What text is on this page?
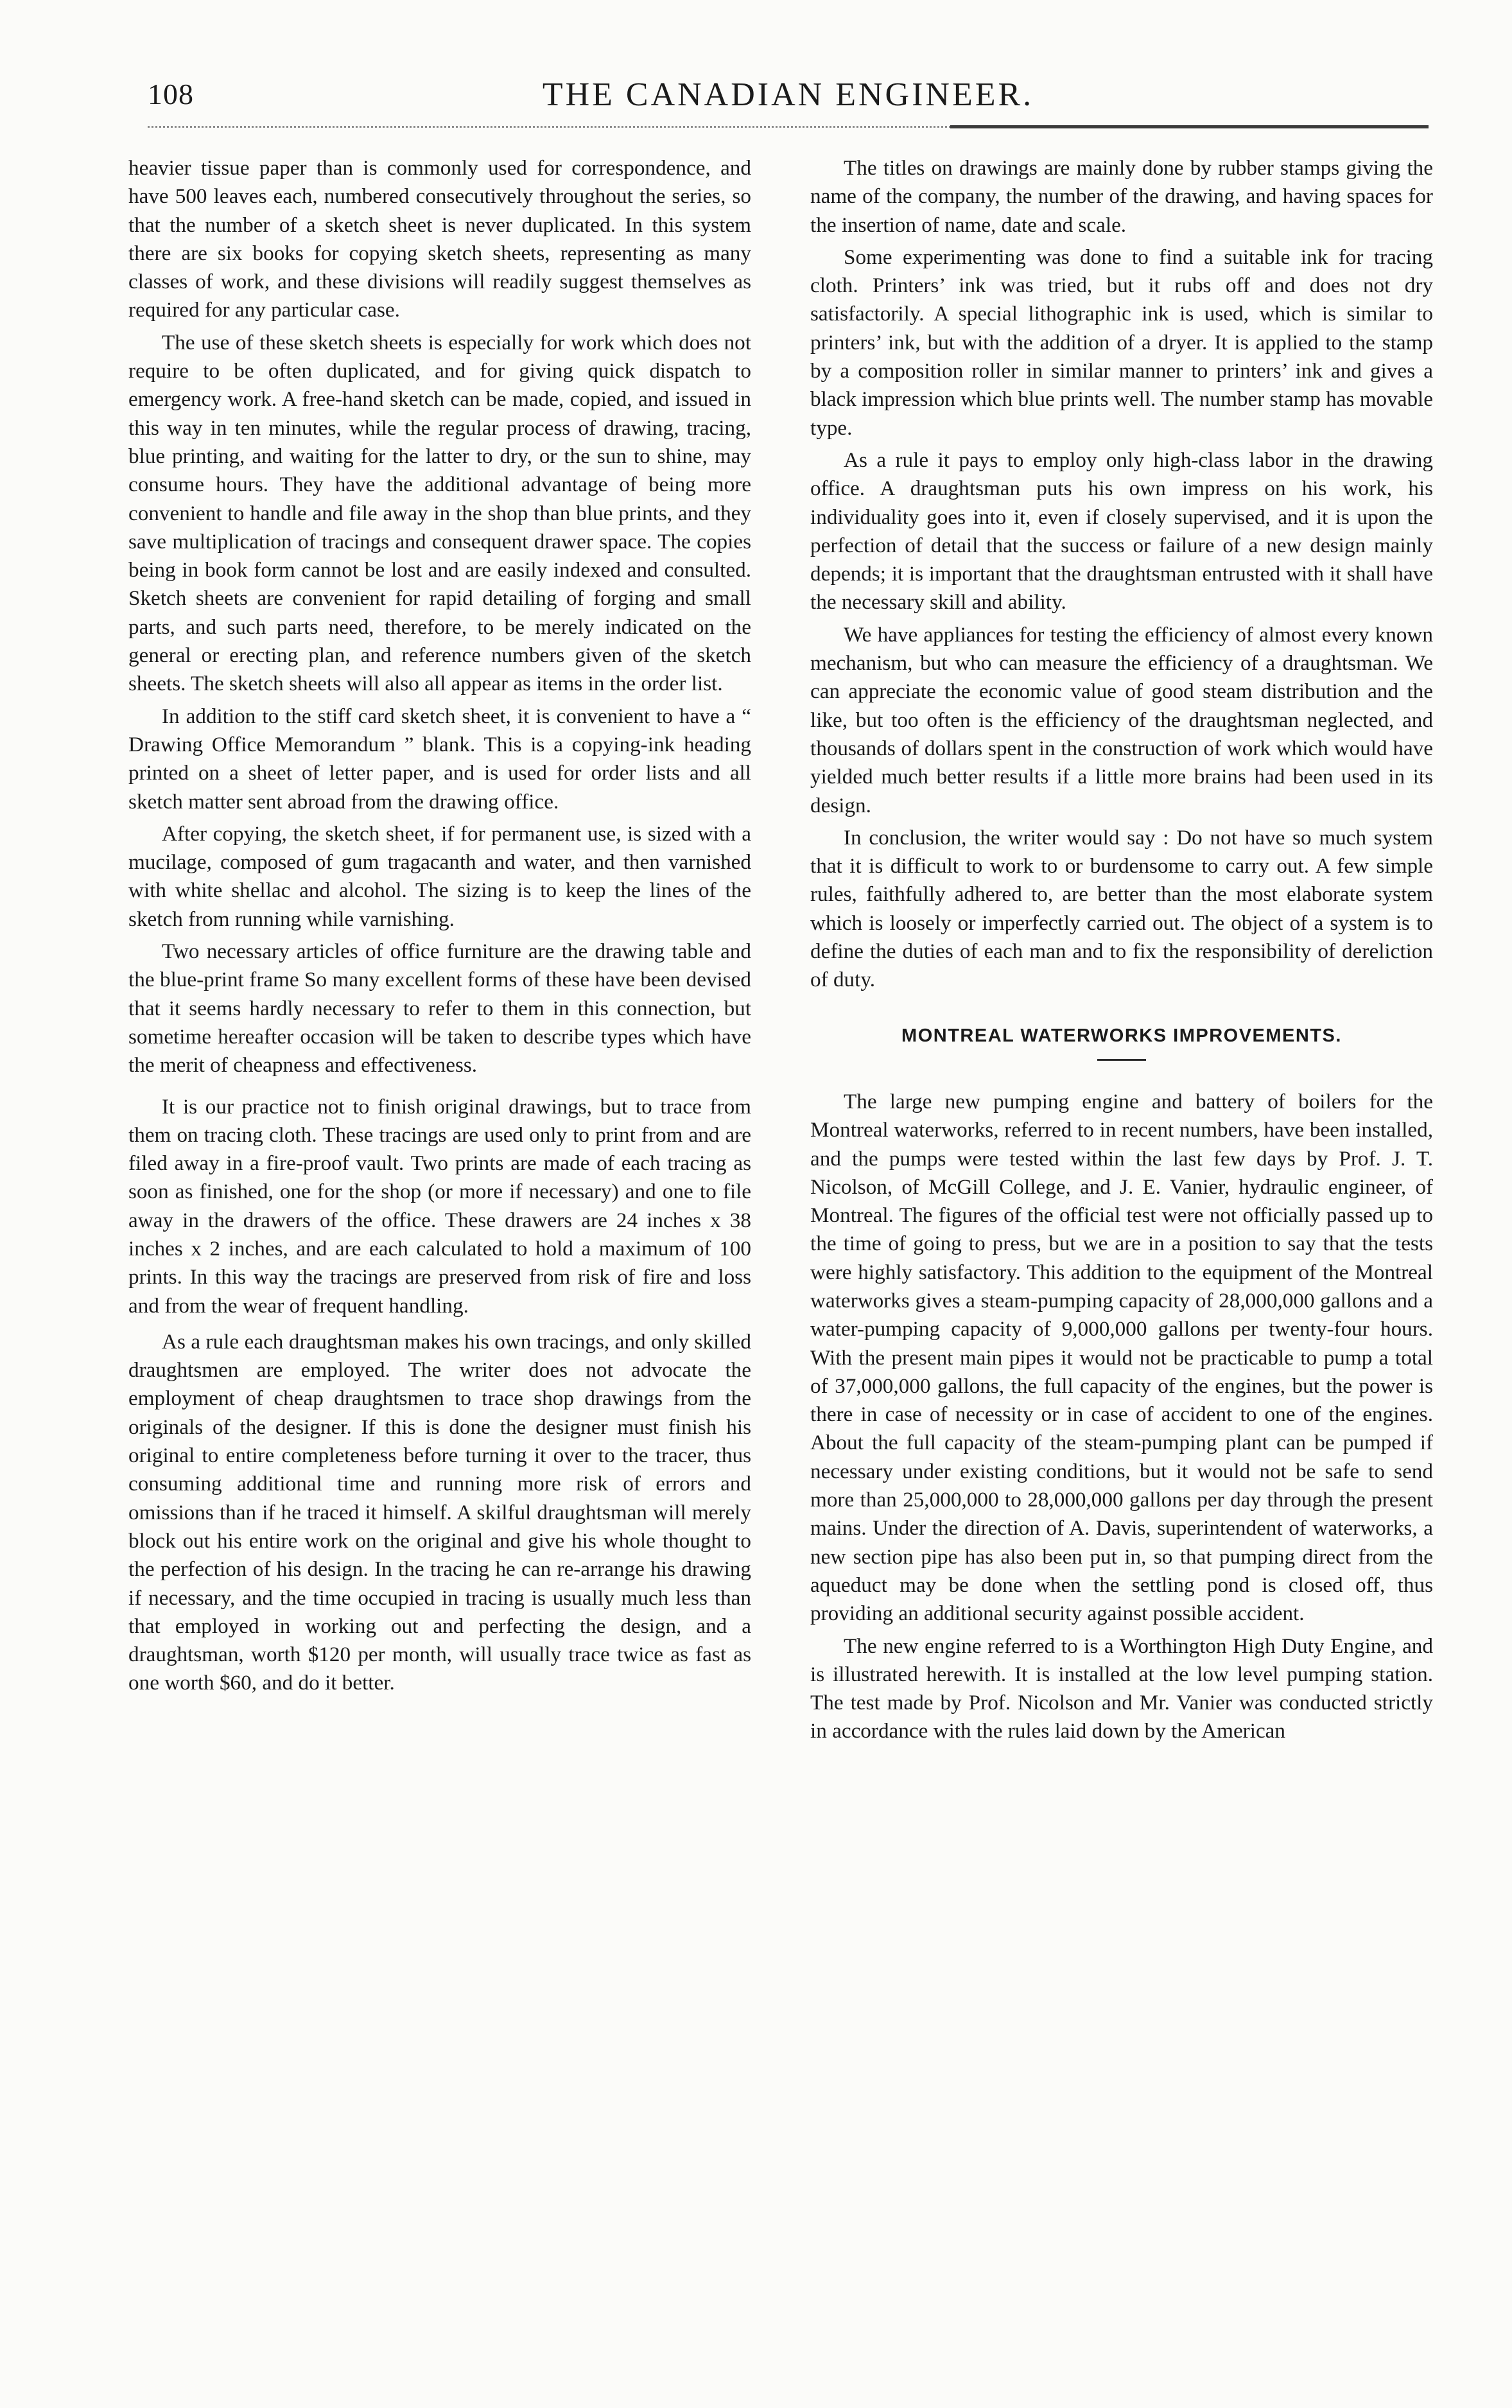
108	THE CANADIAN ENGINEER.

heavier tissue paper than is commonly used for correspondence, and have 500 leaves each, numbered consecutively throughout the series, so that the number of a sketch sheet is never duplicated. In this system there are six books for copying sketch sheets, representing as many classes of work, and these divisions will readily suggest themselves as required for any particular case.

The use of these sketch sheets is especially for work which does not require to be often duplicated, and for giving quick dispatch to emergency work. A free-hand sketch can be made, copied, and issued in this way in ten minutes, while the regular process of drawing, tracing, blue printing, and waiting for the latter to dry, or the sun to shine, may consume hours. They have the additional advantage of being more convenient to handle and file away in the shop than blue prints, and they save multiplication of tracings and consequent drawer space. The copies being in book form cannot be lost and are easily indexed and consulted. Sketch sheets are convenient for rapid detailing of forging and small parts, and such parts need, therefore, to be merely indicated on the general or erecting plan, and reference numbers given of the sketch sheets. The sketch sheets will also all appear as items in the order list.

In addition to the stiff card sketch sheet, it is convenient to have a “ Drawing Office Memorandum ” blank. This is a copying-ink heading printed on a sheet of letter paper, and is used for order lists and all sketch matter sent abroad from the drawing office.

After copying, the sketch sheet, if for permanent use, is sized with a mucilage, composed of gum tragacanth and water, and then varnished with white shellac and alcohol. The sizing is to keep the lines of the sketch from running while varnishing.

Two necessary articles of office furniture are the drawing table and the blue-print frame So many excellent forms of these have been devised that it seems hardly necessary to refer to them in this connection, but sometime hereafter occasion will be taken to describe types which have the merit of cheapness and effectiveness.

It is our practice not to finish original drawings, but to trace from them on tracing cloth. These tracings are used only to print from and are filed away in a fire-proof vault. Two prints are made of each tracing as soon as finished, one for the shop (or more if necessary) and one to file away in the drawers of the office. These drawers are 24 inches x 38 inches x 2 inches, and are each calculated to hold a maximum of 100 prints. In this way the tracings are preserved from risk of fire and loss and from the wear of frequent handling.

As a rule each draughtsman makes his own tracings, and only skilled draughtsmen are employed. The writer does not advocate the employment of cheap draughtsmen to trace shop drawings from the originals of the designer. If this is done the designer must finish his original to entire completeness before turning it over to the tracer, thus consuming additional time and running more risk of errors and omissions than if he traced it himself. A skilful draughtsman will merely block out his entire work on the original and give his whole thought to the perfection of his design. In the tracing he can re-arrange his drawing if necessary, and the time occupied in tracing is usually much less than that employed in working out and perfecting the design, and a draughtsman, worth $120 per month, will usually trace twice as fast as one worth $60, and do it better.

The titles on drawings are mainly done by rubber stamps giving the name of the company, the number of the drawing, and having spaces for the insertion of name, date and scale.

Some experimenting was done to find a suitable ink for tracing cloth. Printers’ ink was tried, but it rubs off and does not dry satisfactorily. A special lithographic ink is used, which is similar to printers’ ink, but with the addition of a dryer. It is applied to the stamp by a composition roller in similar manner to printers’ ink and gives a black impression which blue prints well. The number stamp has movable type.

As a rule it pays to employ only high-class labor in the drawing office. A draughtsman puts his own impress on his work, his individuality goes into it, even if closely supervised, and it is upon the perfection of detail that the success or failure of a new design mainly depends; it is important that the draughtsman entrusted with it shall have the necessary skill and ability.

We have appliances for testing the efficiency of almost every known mechanism, but who can measure the efficiency of a draughtsman. We can appreciate the economic value of good steam distribution and the like, but too often is the efficiency of the draughtsman neglected, and thousands of dollars spent in the construction of work which would have yielded much better results if a little more brains had been used in its design.

In conclusion, the writer would say : Do not have so much system that it is difficult to work to or burdensome to carry out. A few simple rules, faithfully adhered to, are better than the most elaborate system which is loosely or imperfectly carried out. The object of a system is to define the duties of each man and to fix the responsibility of dereliction of duty.

MONTREAL WATERWORKS IMPROVEMENTS.

The large new pumping engine and battery of boilers for the Montreal waterworks, referred to in recent numbers, have been installed, and the pumps were tested within the last few days by Prof. J. T. Nicolson, of McGill College, and J. E. Vanier, hydraulic engineer, of Montreal. The figures of the official test were not officially passed up to the time of going to press, but we are in a position to say that the tests were highly satisfactory. This addition to the equipment of the Montreal waterworks gives a steam-pumping capacity of 28,000,000 gallons and a water-pumping capacity of 9,000,000 gallons per twenty-four hours. With the present main pipes it would not be practicable to pump a total of 37,000,000 gallons, the full capacity of the engines, but the power is there in case of necessity or in case of accident to one of the engines. About the full capacity of the steam-pumping plant can be pumped if necessary under existing conditions, but it would not be safe to send more than 25,000,000 to 28,000,000 gallons per day through the present mains. Under the direction of A. Davis, superintendent of waterworks, a new section pipe has also been put in, so that pumping direct from the aqueduct may be done when the settling pond is closed off, thus providing an additional security against possible accident.

The new engine referred to is a Worthington High Duty Engine, and is illustrated herewith. It is installed at the low level pumping station. The test made by Prof. Nicolson and Mr. Vanier was conducted strictly in accordance with the rules laid down by the American
